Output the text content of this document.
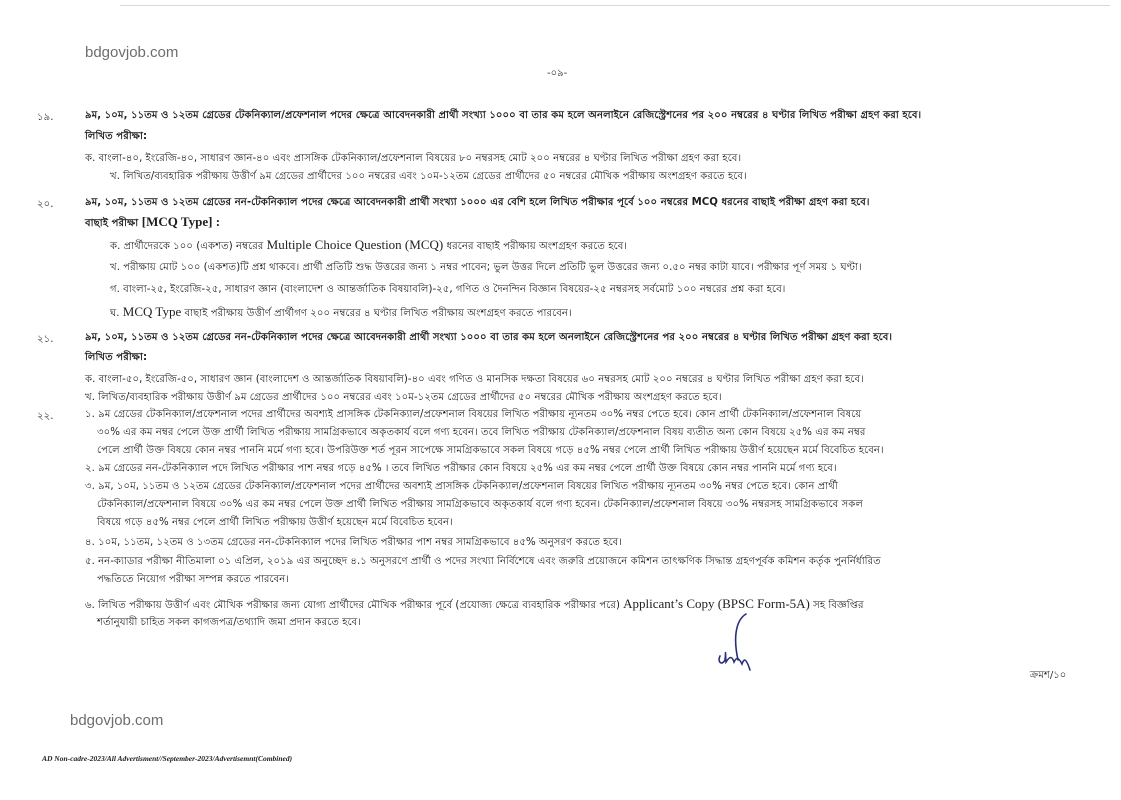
bdgovjob.com
-০৯-
১৯.	৯ম, ১০ম, ১১তম ও ১২তম গ্রেডের টেকনিক্যাল/প্রফেশনাল পদের ক্ষেত্রে আবেদনকারী প্রার্থী সংখ্যা ১০০০ বা তার কম হলে অনলাইনে রেজিস্ট্রেশনের পর ২০০ নম্বরের ৪ ঘণ্টার লিখিত পরীক্ষা গ্রহণ করা হবে।
লিখিত পরীক্ষা:
ক. বাংলা-৪০, ইংরেজি-৪০, সাধারণ জ্ঞান-৪০ এবং প্রাসঙ্গিক টেকনিক্যাল/প্রফেশনাল বিষয়ের ৮০ নম্বরসহ মোট ২০০ নম্বরের ৪ ঘণ্টার লিখিত পরীক্ষা গ্রহণ করা হবে।
খ. লিখিত/ব্যবহারিক পরীক্ষায় উত্তীর্ণ ৯ম গ্রেডের প্রার্থীদের ১০০ নম্বরের এবং ১০ম-১২তম গ্রেডের প্রার্থীদের ৫০ নম্বরের মৌখিক পরীক্ষায় অংশগ্রহণ করতে হবে।
২০.	৯ম, ১০ম, ১১তম ও ১২তম গ্রেডের নন-টেকনিক্যাল পদের ক্ষেত্রে আবেদনকারী প্রার্থী সংখ্যা ১০০০ এর বেশি হলে লিখিত পরীক্ষার পূর্বে ১০০ নম্বরের MCQ ধরনের বাছাই পরীক্ষা গ্রহণ করা হবে।
বাছাই পরীক্ষা [MCQ Type] :
ক. প্রার্থীদেরকে ১০০ (একশত) নম্বরের Multiple Choice Question (MCQ) ধরনের বাছাই পরীক্ষায় অংশগ্রহণ করতে হবে।
খ. পরীক্ষায় মোট ১০০ (একশত)টি প্রশ্ন থাকবে। প্রার্থী প্রতিটি শুদ্ধ উত্তরের জন্য ১ নম্বর পাবেন; ভুল উত্তর দিলে প্রতিটি ভুল উত্তরের জন্য ০.৫০ নম্বর কাটা যাবে। পরীক্ষার পূর্ণ সময় ১ ঘণ্টা।
গ. বাংলা-২৫, ইংরেজি-২৫, সাধারণ জ্ঞান (বাংলাদেশ ও আন্তর্জাতিক বিষয়াবলি)-২৫, গণিত ও দৈনন্দিন বিজ্ঞান বিষয়ের-২৫ নম্বরসহ সর্বমোট ১০০ নম্বরের প্রশ্ন করা হবে।
ঘ. MCQ Type বাছাই পরীক্ষায় উত্তীর্ণ প্রার্থীগণ ২০০ নম্বরের ৪ ঘণ্টার লিখিত পরীক্ষায় অংশগ্রহণ করতে পারবেন।
২১.	৯ম, ১০ম, ১১তম ও ১২তম গ্রেডের নন-টেকনিক্যাল পদের ক্ষেত্রে আবেদনকারী প্রার্থী সংখ্যা ১০০০ বা তার কম হলে অনলাইনে রেজিস্ট্রেশনের পর ২০০ নম্বরের ৪ ঘণ্টার লিখিত পরীক্ষা গ্রহণ করা হবে।
লিখিত পরীক্ষা:
ক. বাংলা-৫০, ইংরেজি-৫০, সাধারণ জ্ঞান (বাংলাদেশ ও আন্তর্জাতিক বিষয়াবলি)-৪০ এবং গণিত ও মানসিক দক্ষতা বিষয়ের ৬০ নম্বরসহ মোট ২০০ নম্বরের ৪ ঘণ্টার লিখিত পরীক্ষা গ্রহণ করা হবে।
খ. লিখিত/ব্যবহারিক পরীক্ষায় উত্তীর্ণ ৯ম গ্রেডের প্রার্থীদের ১০০ নম্বরের এবং ১০ম-১২তম গ্রেডের প্রার্থীদের ৫০ নম্বরের মৌখিক পরীক্ষায় অংশগ্রহণ করতে হবে।
২২.	১. ৯ম গ্রেডের টেকনিক্যাল/প্রফেশনাল পদের প্রার্থীদের অবশ্যই প্রাসঙ্গিক টেকনিক্যাল/প্রফেশনাল বিষয়ের লিখিত পরীক্ষায় ন্যূনতম ৩০% নম্বর পেতে হবে। কোন প্রার্থী টেকনিক্যাল/প্রফেশনাল বিষয়ে
৩০% এর কম নম্বর পেলে উক্ত প্রার্থী লিখিত পরীক্ষায় সামগ্রিকভাবে অকৃতকার্য বলে গণ্য হবেন। তবে লিখিত পরীক্ষায় টেকনিক্যাল/প্রফেশনাল বিষয় ব্যতীত অন্য কোন বিষয়ে ২৫% এর কম নম্বর
পেলে প্রার্থী উক্ত বিষয়ে কোন নম্বর পাননি মর্মে গণ্য হবে। উপরিউক্ত শর্ত পূরন সাপেক্ষে সামগ্রিকভাবে সকল বিষয়ে গড়ে ৪৫% নম্বর পেলে প্রার্থী লিখিত পরীক্ষায় উত্তীর্ণ হয়েছেন মর্মে বিবেচিত হবেন।
২. ৯ম গ্রেডের নন-টেকনিক্যাল পদে লিখিত পরীক্ষার পাশ নম্বর গড়ে ৪৫% । তবে লিখিত পরীক্ষার কোন বিষয়ে ২৫% এর কম নম্বর পেলে প্রার্থী উক্ত বিষয়ে কোন নম্বর পাননি মর্মে গণ্য হবে।
৩. ৯ম, ১০ম, ১১তম ও ১২তম গ্রেডের টেকনিক্যাল/প্রফেশনাল পদের প্রার্থীদের অবশ্যই প্রাসঙ্গিক টেকনিক্যাল/প্রফেশনাল বিষয়ের লিখিত পরীক্ষায় ন্যূনতম ৩০% নম্বর পেতে হবে। কোন প্রার্থী
টেকনিক্যাল/প্রফেশনাল বিষয়ে ৩০% এর কম নম্বর পেলে উক্ত প্রার্থী লিখিত পরীক্ষায় সামগ্রিকভাবে অকৃতকার্য বলে গণ্য হবেন। টেকনিক্যাল/প্রফেশনাল বিষয়ে ৩০% নম্বরসহ সামগ্রিকভাবে সকল
বিষয়ে গড়ে ৪৫% নম্বর পেলে প্রার্থী লিখিত পরীক্ষায় উত্তীর্ণ হয়েছেন মর্মে বিবেচিত হবেন।
৪. ১০ম, ১১তম, ১২তম ও ১৩তম গ্রেডের নন-টেকনিক্যাল পদের লিখিত পরীক্ষার পাশ নম্বর সামগ্রিকভাবে ৪৫% অনুসরণ করতে হবে।
৫. নন-ক্যাডার পরীক্ষা নীতিমালা ০১ এপ্রিল, ২০১৯ এর অনুচ্ছেদ ৪.১ অনুসরণে প্রার্থী ও পদের সংখ্যা নির্বিশেষে এবং জরুরি প্রয়োজনে কমিশন তাৎক্ষণিক সিদ্ধান্ত গ্রহণপূর্বক কমিশন কর্তৃক পুনর্নির্ধারিত
পদ্ধতিতে নিয়োগ পরীক্ষা সম্পন্ন করতে পারবেন।
৬. লিখিত পরীক্ষায় উত্তীর্ণ এবং মৌখিক পরীক্ষার জন্য যোগ্য প্রার্থীদের মৌখিক পরীক্ষার পূর্বে (প্রযোজ্য ক্ষেত্রে ব্যবহারিক পরীক্ষার পরে) Applicant’s Copy (BPSC Form-5A) সহ বিজ্ঞপ্তির
শর্তানুযায়ী চাহিত সকল কাগজপত্র/তথ্যাদি জমা প্রদান করতে হবে।
ক্রমশ/১০
bdgovjob.com
AD Non-cadre-2023/All Advertisment//September-2023/Advertisemnt(Combined)
